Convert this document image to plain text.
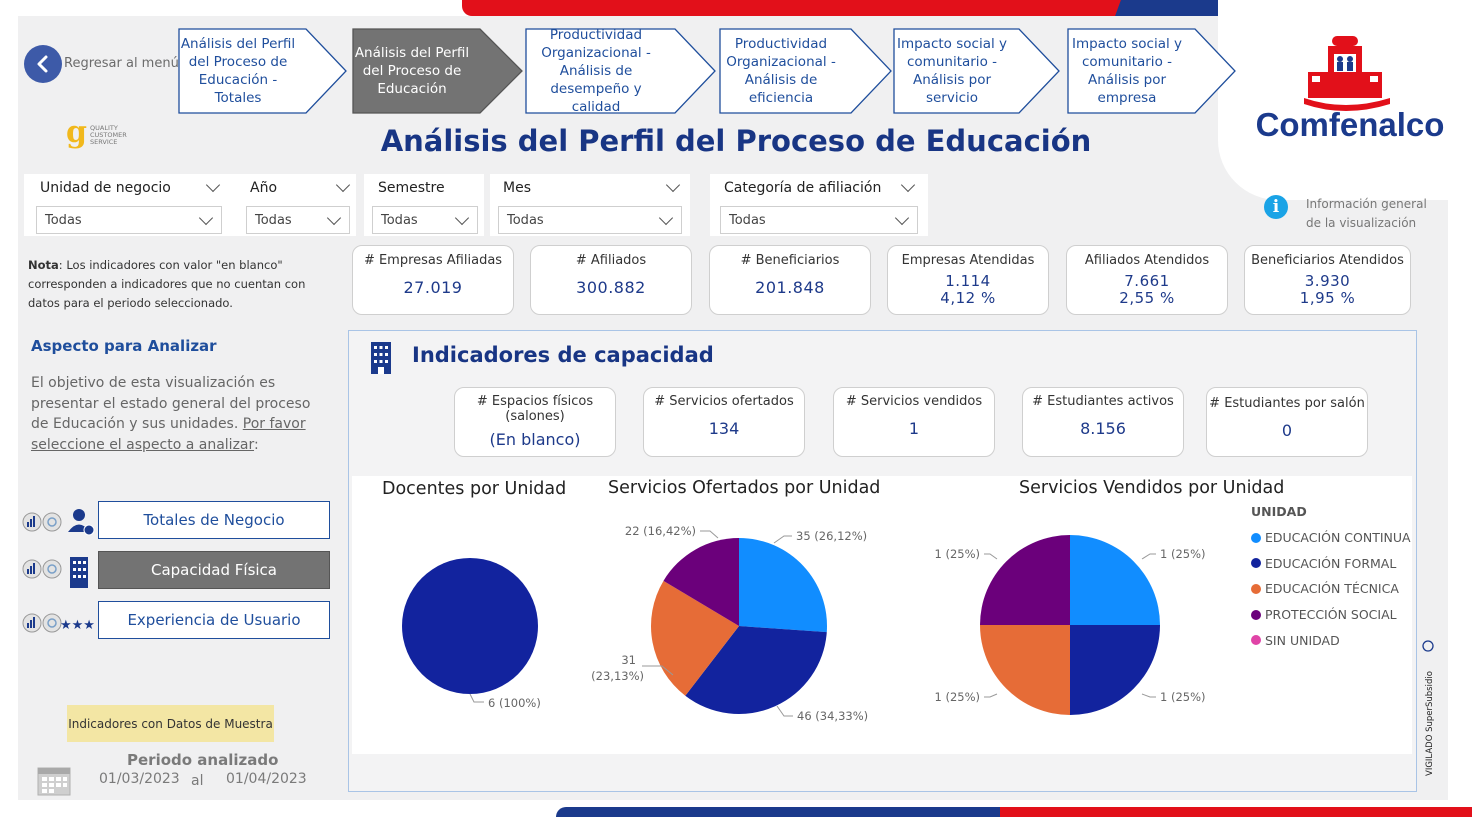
Regresar al menú
Análisis del Perfil del Proceso de Educación - Totales
Análisis del Perfil del Proceso de Educación
Productividad Organizacional - Análisis de desempeño y calidad
Productividad Organizacional - Análisis de eficiencia
Impacto social y comunitario - Análisis por servicio
Impacto social y comunitario - Análisis por empresa
Comfenalco
g QUALITY
CUSTOMER
SERVICE	Análisis del Perfil del Proceso de Educación
Unidad de negocio
Todas
Año
Todas
Semestre
Todas
Mes
Todas
Categoría de afiliación
Todas
i	Información general
de la visualización
Nota: Los indicadores con valor "en blanco" corresponden a indicadores que no cuentan con datos para el periodo seleccionado.
# Empresas Afiliadas
27.019
# Afiliados
300.882
# Beneficiarios
201.848
Empresas Atendidas
1.114
4,12 %
Afiliados Atendidos
7.661
2,55 %
Beneficiarios Atendidos
3.930
1,95 %
Aspecto para Analizar
El objetivo de esta visualización es presentar el estado general del proceso de Educación y sus unidades. Por favor seleccione el aspecto a analizar:
Totales de Negocio
Capacidad Física
★★★	Experiencia de Usuario
Indicadores con Datos de Muestra
Periodo analizado
01/03/2023 al 01/04/2023
Indicadores de capacidad
# Espacios físicos (salones)
(En blanco)
# Servicios ofertados
134
# Servicios vendidos
1
# Estudiantes activos
8.156
# Estudiantes por salón
0
Docentes por Unidad Servicios Ofertados por Unidad	Servicios Vendidos por Unidad
6 (100%)
35 (26,12%)
46 (34,33%)
31 (23,13%)
22 (16,42%)
1 (25%)
1 (25%)
1 (25%)
1 (25%)
UNIDAD
EDUCACIÓN CONTINUA
EDUCACIÓN FORMAL
EDUCACIÓN TÉCNICA
PROTECCIÓN SOCIAL
SIN UNIDAD
VIGILADO SuperSubsidio
